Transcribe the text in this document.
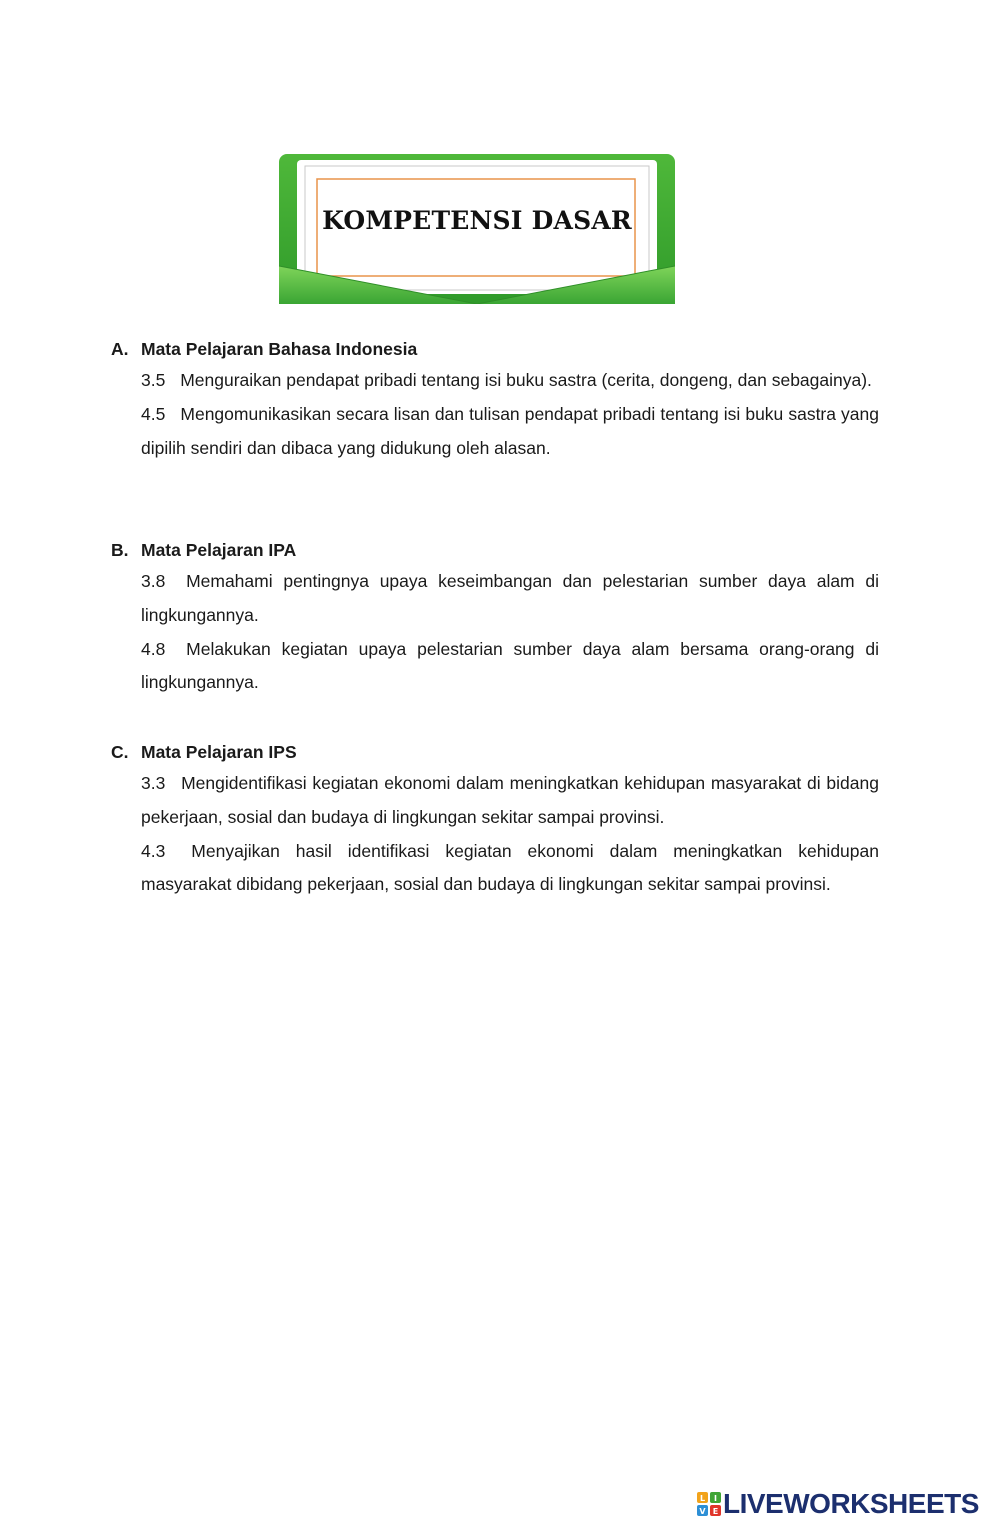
KOMPETENSI DASAR
A. Mata Pelajaran Bahasa Indonesia
3.5 Menguraikan pendapat pribadi tentang isi buku sastra (cerita, dongeng, dan sebagainya).
4.5 Mengomunikasikan secara lisan dan tulisan pendapat pribadi tentang isi buku sastra yang dipilih sendiri dan dibaca yang didukung oleh alasan.
B. Mata Pelajaran IPA
3.8 Memahami pentingnya upaya keseimbangan dan pelestarian sumber daya alam di lingkungannya.
4.8 Melakukan kegiatan upaya pelestarian sumber daya alam bersama orang-orang di lingkungannya.
C. Mata Pelajaran IPS
3.3 Mengidentifikasi kegiatan ekonomi dalam meningkatkan kehidupan masyarakat di bidang pekerjaan, sosial dan budaya di lingkungan sekitar sampai provinsi.
4.3 Menyajikan hasil identifikasi kegiatan ekonomi dalam meningkatkan kehidupan masyarakat dibidang pekerjaan, sosial dan budaya di lingkungan sekitar sampai provinsi.
L I
V E LIVEWORKSHEETS
